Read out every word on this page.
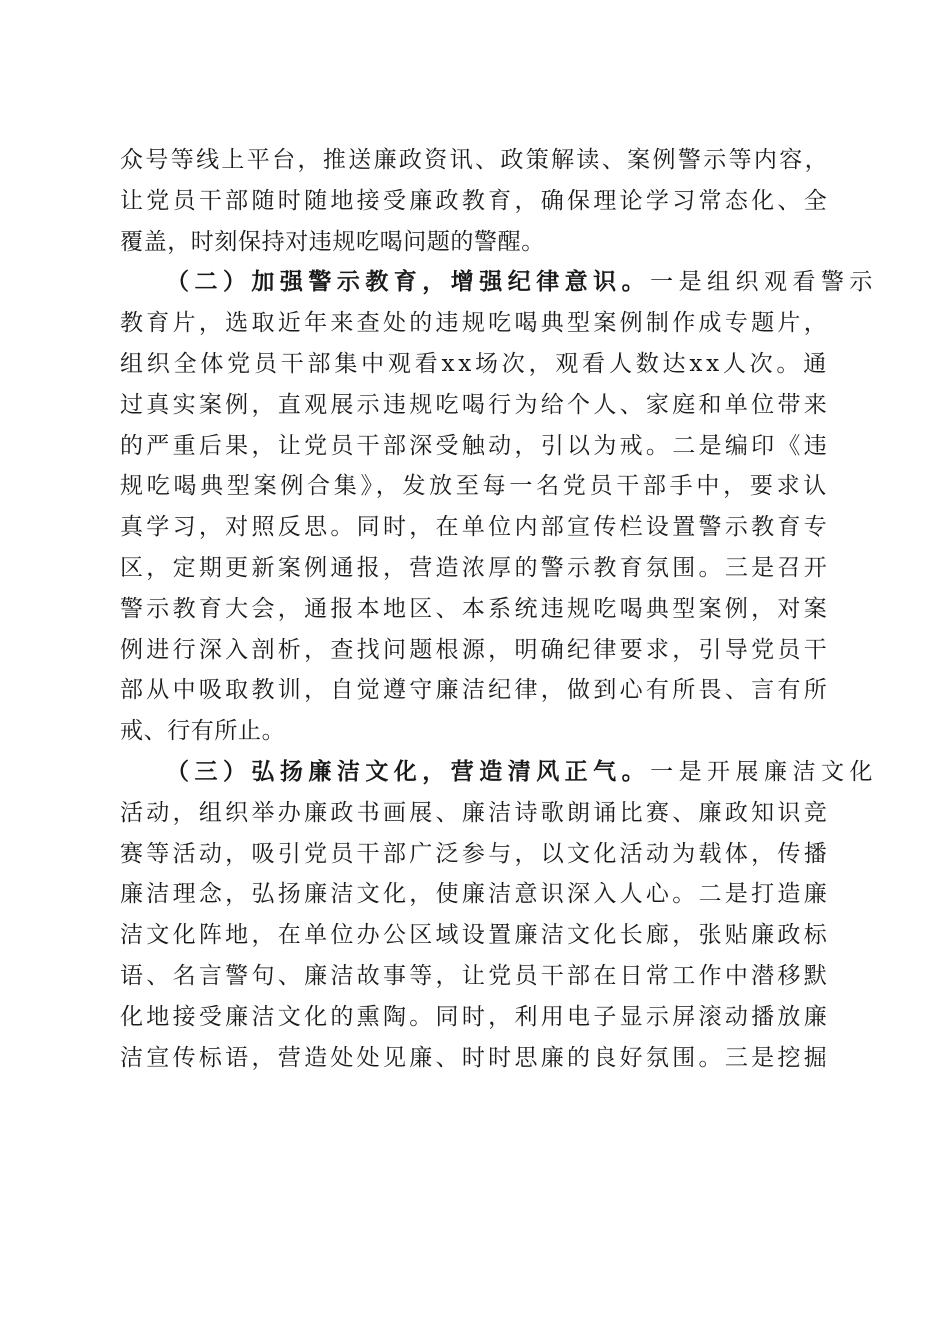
众号等线上平台，推送廉政资讯、政策解读、案例警示等内容，
让党员干部随时随地接受廉政教育，确保理论学习常态化、全
覆盖，时刻保持对违规吃喝问题的警醒。
（二）加强警示教育，增强纪律意识。一是组织观看警示
教育片，选取近年来查处的违规吃喝典型案例制作成专题片，
组织全体党员干部集中观看xx场次，观看人数达xx人次。通
过真实案例，直观展示违规吃喝行为给个人、家庭和单位带来
的严重后果，让党员干部深受触动，引以为戒。二是编印《违
规吃喝典型案例合集》，发放至每一名党员干部手中，要求认
真学习，对照反思。同时，在单位内部宣传栏设置警示教育专
区，定期更新案例通报，营造浓厚的警示教育氛围。三是召开
警示教育大会，通报本地区、本系统违规吃喝典型案例，对案
例进行深入剖析，查找问题根源，明确纪律要求，引导党员干
部从中吸取教训，自觉遵守廉洁纪律，做到心有所畏、言有所
戒、行有所止。
（三）弘扬廉洁文化，营造清风正气。一是开展廉洁文化
活动，组织举办廉政书画展、廉洁诗歌朗诵比赛、廉政知识竞
赛等活动，吸引党员干部广泛参与，以文化活动为载体，传播
廉洁理念，弘扬廉洁文化，使廉洁意识深入人心。二是打造廉
洁文化阵地，在单位办公区域设置廉洁文化长廊，张贴廉政标
语、名言警句、廉洁故事等，让党员干部在日常工作中潜移默
化地接受廉洁文化的熏陶。同时，利用电子显示屏滚动播放廉
洁宣传标语，营造处处见廉、时时思廉的良好氛围。三是挖掘
